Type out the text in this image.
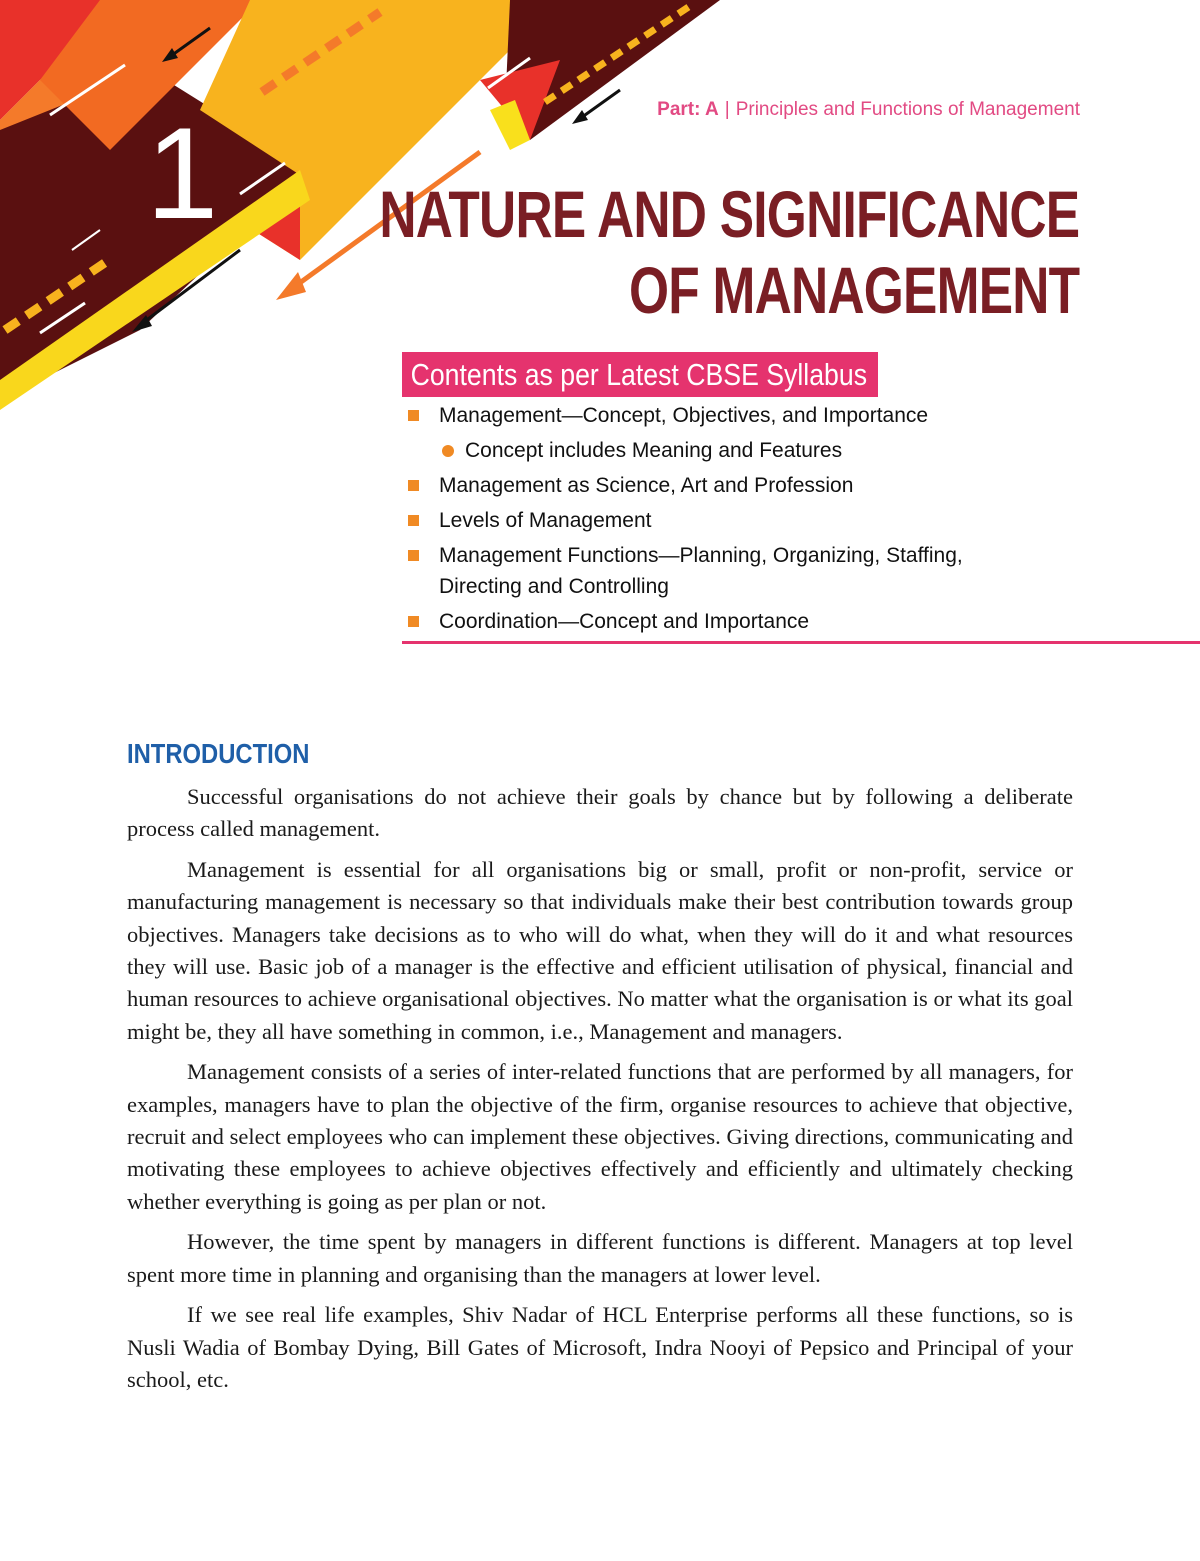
1	Part: A | Principles and Functions of Management
NATURE AND SIGNIFICANCE
OF MANAGEMENT
Contents as per Latest CBSE Syllabus
Management—Concept, Objectives, and Importance
Concept includes Meaning and Features
Management as Science, Art and Profession
Levels of Management
Management Functions—Planning, Organizing, Staffing, Directing and Controlling
Coordination—Concept and Importance
INTRODUCTION

Successful organisations do not achieve their goals by chance but by following a deliberate process called management.

Management is essential for all organisations big or small, profit or non-profit, service or manufacturing management is necessary so that individuals make their best contribution towards group objectives. Managers take decisions as to who will do what, when they will do it and what resources they will use. Basic job of a manager is the effective and efficient utilisation of physical, financial and human resources to achieve organisational objectives. No matter what the organisation is or what its goal might be, they all have something in common, i.e., Management and managers.

Management consists of a series of inter-related functions that are performed by all managers, for examples, managers have to plan the objective of the firm, organise resources to achieve that objective, recruit and select employees who can implement these objectives. Giving directions, communicating and motivating these employees to achieve objectives effectively and efficiently and ultimately checking whether everything is going as per plan or not.

However, the time spent by managers in different functions is different. Managers at top level spent more time in planning and organising than the managers at lower level.

If we see real life examples, Shiv Nadar of HCL Enterprise performs all these functions, so is Nusli Wadia of Bombay Dying, Bill Gates of Microsoft, Indra Nooyi of Pepsico and Principal of your school, etc.
